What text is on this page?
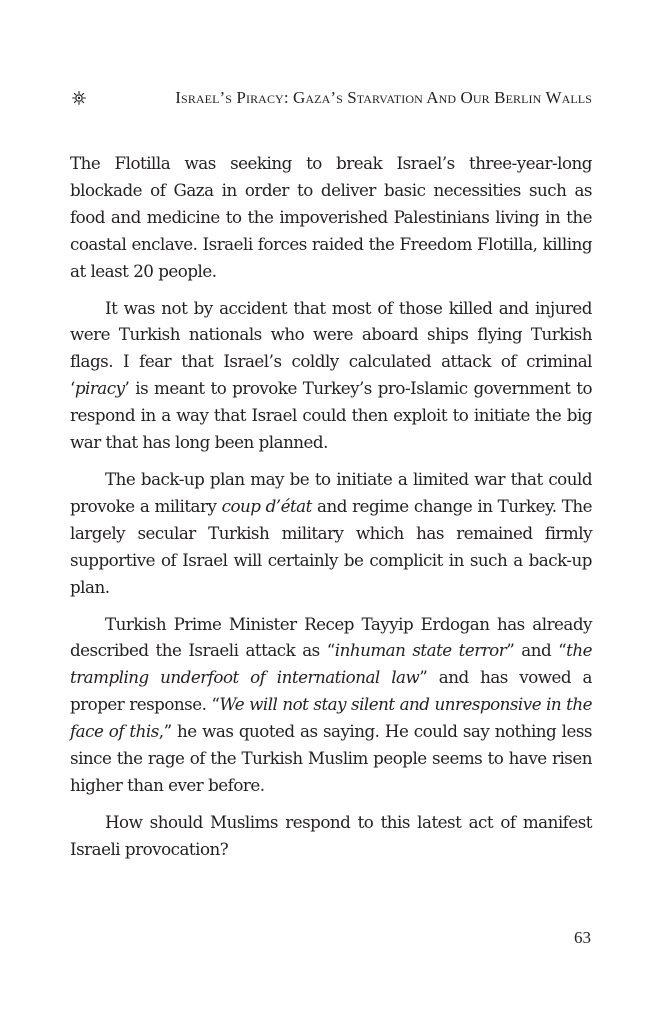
Israel’s Piracy: Gaza’s Starvation And Our Berlin Walls

The Flotilla was seeking to break Israel’s three-year-long blockade of Gaza in order to deliver basic necessities such as food and medicine to the impoverished Palestinians living in the coastal enclave. Israeli forces raided the Freedom Flotilla, killing at least 20 people.

It was not by accident that most of those killed and injured were Turkish nationals who were aboard ships flying Turkish flags. I fear that Israel’s coldly calculated attack of criminal ‘piracy’ is meant to provoke Turkey’s pro-Islamic government to respond in a way that Israel could then exploit to initiate the big war that has long been planned.

The back-up plan may be to initiate a limited war that could provoke a military coup d’état and regime change in Turkey. The largely secular Turkish military which has remained firmly supportive of Israel will certainly be complicit in such a back-up plan.

Turkish Prime Minister Recep Tayyip Erdogan has already described the Israeli attack as “inhuman state terror” and “the trampling underfoot of international law” and has vowed a proper response. “We will not stay silent and unresponsive in the face of this,” he was quoted as saying. He could say nothing less since the rage of the Turkish Muslim people seems to have risen higher than ever before.

How should Muslims respond to this latest act of manifest Israeli provocation?

63
